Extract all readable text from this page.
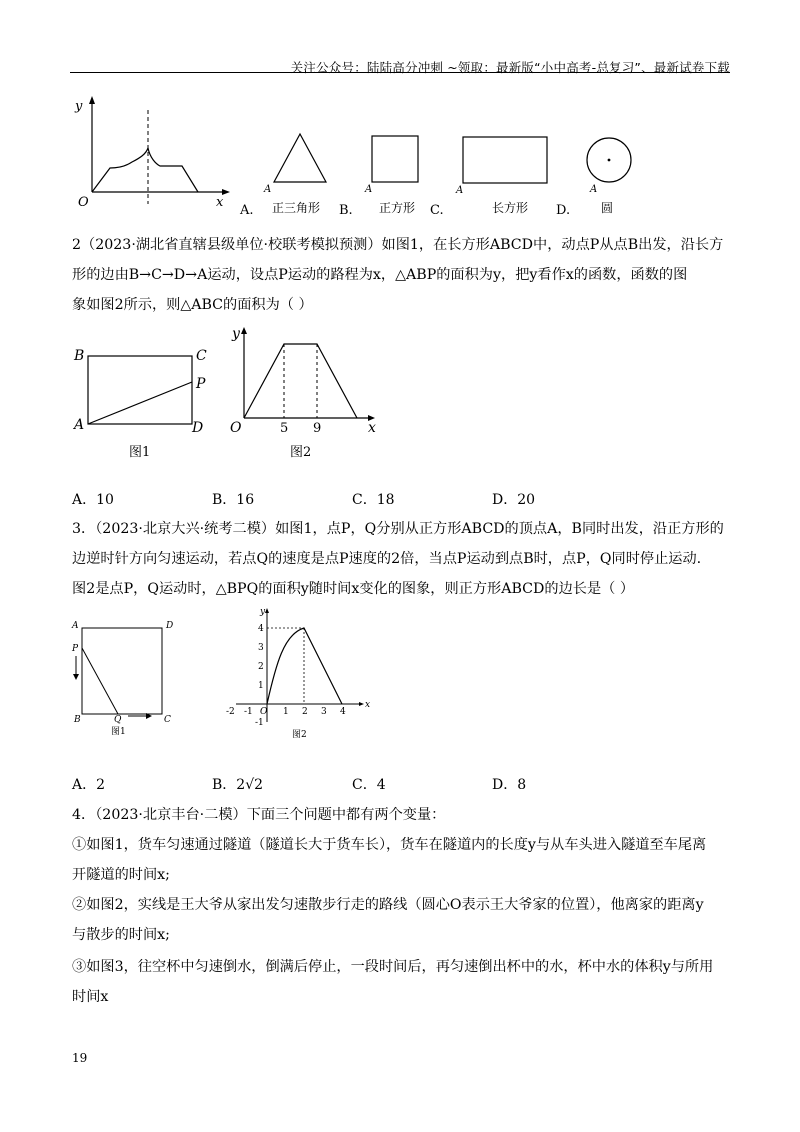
关注公众号：陆陆高分冲刺 ~领取：最新版“小中高考-总复习”、最新试卷下载
y
O	x
A
A. 正三角形
A
B. 正方形
A
C.	长方形
A
D.	圆
2（2023·湖北省直辖县级单位·校联考模拟预测）如图1，在长方形ABCD中，动点P从点B出发，沿长方
形的边由B→C→D→A运动，设点P运动的路程为x，△ABP的面积为y，把y看作x的函数，函数的图
象如图2所示，则△ABC的面积为（ ）
B	C
P
A	D
图1
y
O	5 9	x
图2
A．10	B．16	C．18	D．20
3．（2023·北京大兴·统考二模）如图1，点P，Q分别从正方形ABCD的顶点A，B同时出发，沿正方形的
边逆时针方向匀速运动，若点Q的速度是点P速度的2倍，当点P运动到点B时，点P，Q同时停止运动.
图2是点P，Q运动时，△BPQ的面积y随时间x变化的图象，则正方形ABCD的边长是（ ）
A	D
P
B	Q	C
图1
y
x
O
-2 -1	1 2 3 4
4
3
2
1
-1
图2
A．2	B．2√2	C．4	D．8
4．（2023·北京丰台·二模）下面三个问题中都有两个变量：
①如图1，货车匀速通过隧道（隧道长大于货车长），货车在隧道内的长度y与从车头进入隧道至车尾离
开隧道的时间x;
②如图2，实线是王大爷从家出发匀速散步行走的路线（圆心O表示王大爷家的位置），他离家的距离y
与散步的时间x;
③如图3，往空杯中匀速倒水，倒满后停止，一段时间后，再匀速倒出杯中的水，杯中水的体积y与所用
时间x
19
